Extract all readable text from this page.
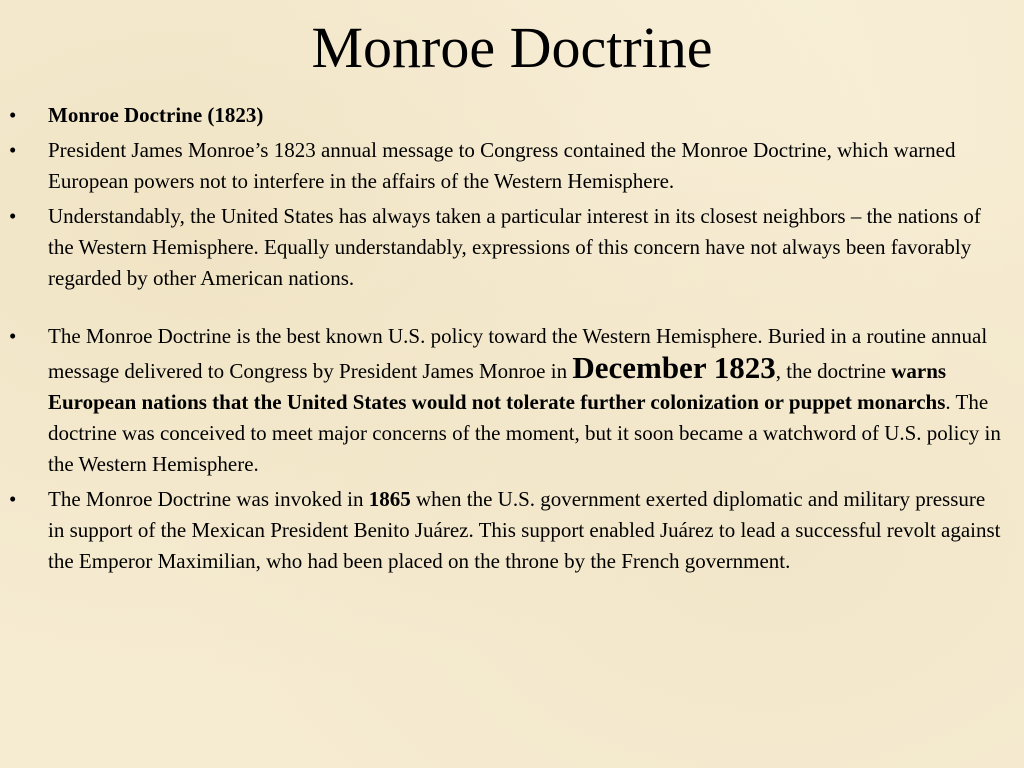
Monroe Doctrine
• Monroe Doctrine (1823)
• President James Monroe’s 1823 annual message to Congress contained the Monroe Doctrine, which warned European powers not to interfere in the affairs of the Western Hemisphere.
• Understandably, the United States has always taken a particular interest in its closest neighbors – the nations of the Western Hemisphere. Equally understandably, expressions of this concern have not always been favorably regarded by other American nations.
• The Monroe Doctrine is the best known U.S. policy toward the Western Hemisphere. Buried in a routine annual message delivered to Congress by President James Monroe in December 1823, the doctrine warns European nations that the United States would not tolerate further colonization or puppet monarchs. The doctrine was conceived to meet major concerns of the moment, but it soon became a watchword of U.S. policy in the Western Hemisphere.
• The Monroe Doctrine was invoked in 1865 when the U.S. government exerted diplomatic and military pressure in support of the Mexican President Benito Juárez. This support enabled Juárez to lead a successful revolt against the Emperor Maximilian, who had been placed on the throne by the French government.
